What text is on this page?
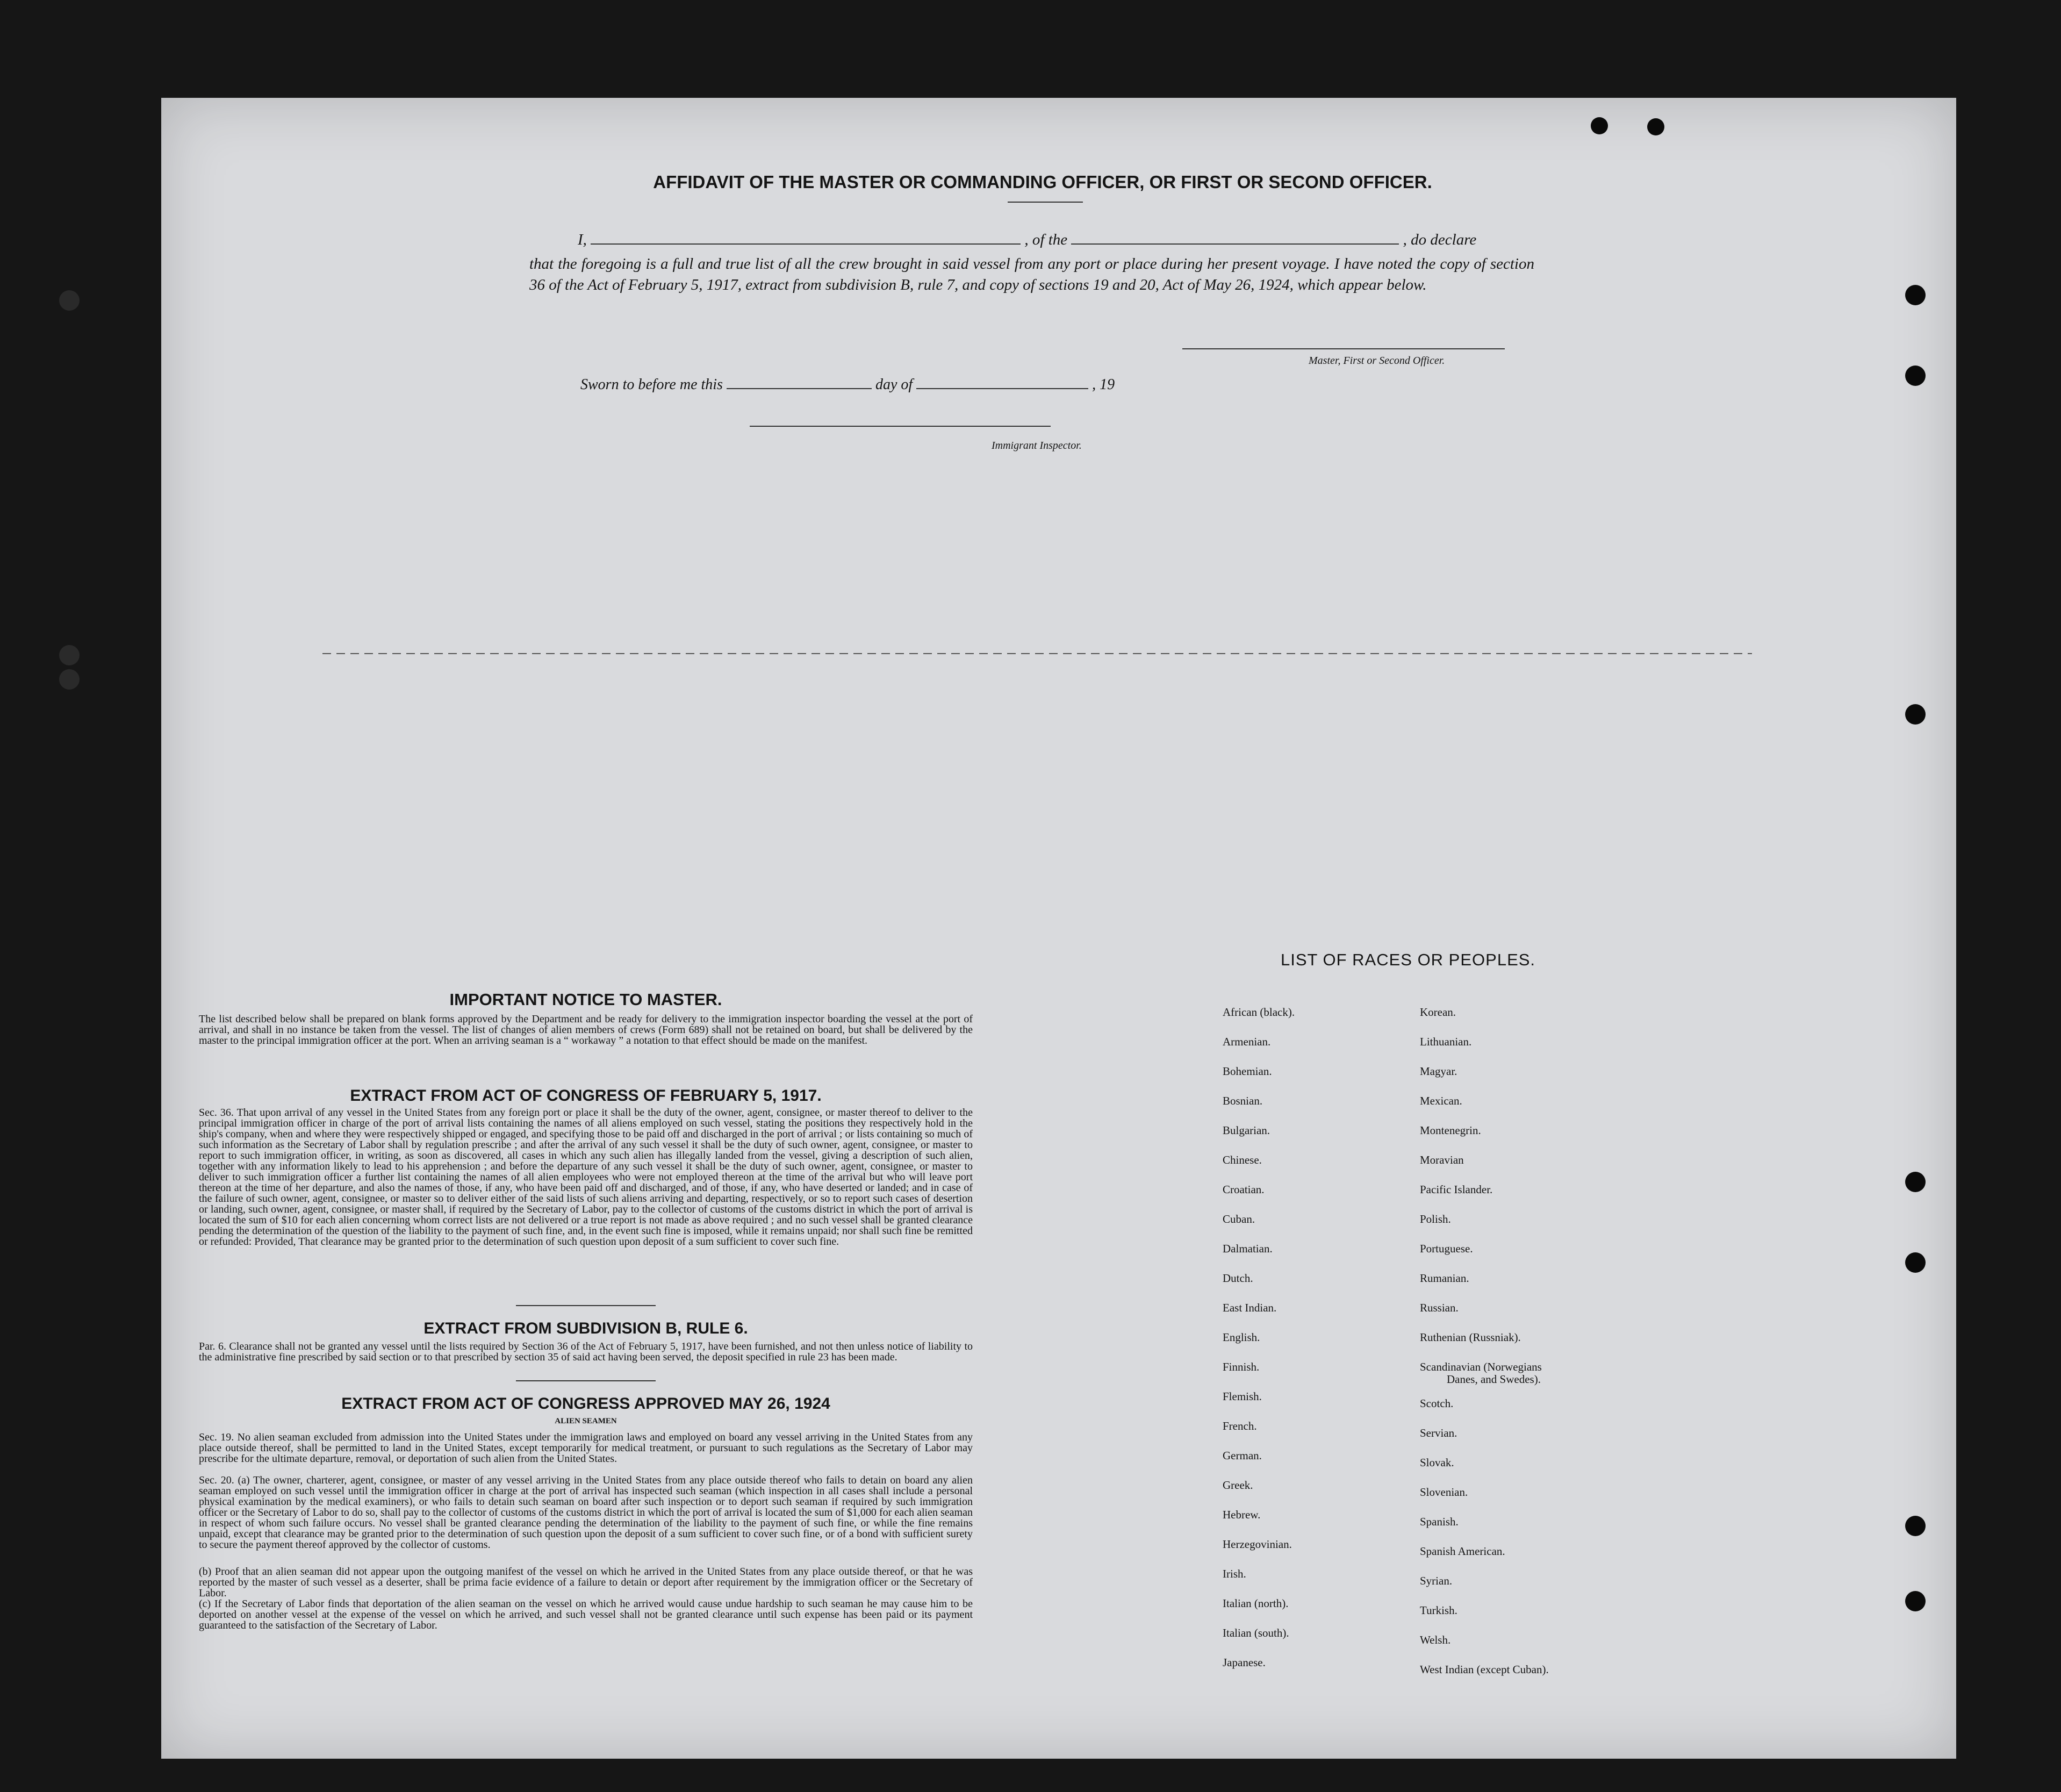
AFFIDAVIT OF THE MASTER OR COMMANDING OFFICER, OR FIRST OR SECOND OFFICER.
I,	, of the	, do declare
that the foregoing is a full and true list of all the crew brought in said vessel from any port or place during her present voyage. I have noted the copy of section 36 of the Act of February 5, 1917, extract from subdivision B, rule 7, and copy of sections 19 and 20, Act of May 26, 1924, which appear below.
Master, First or Second Officer.
Sworn to before me this	day of	, 19
Immigrant Inspector.
IMPORTANT NOTICE TO MASTER.
The list described below shall be prepared on blank forms approved by the Department and be ready for delivery to the immigration inspector boarding the vessel at the port of arrival, and shall in no instance be taken from the vessel. The list of changes of alien members of crews (Form 689) shall not be retained on board, but shall be delivered by the master to the principal immigration officer at the port. When an arriving seaman is a “ workaway ” a notation to that effect should be made on the manifest.
EXTRACT FROM ACT OF CONGRESS OF FEBRUARY 5, 1917.
Sec. 36. That upon arrival of any vessel in the United States from any foreign port or place it shall be the duty of the owner, agent, consignee, or master thereof to deliver to the principal immigration officer in charge of the port of arrival lists containing the names of all aliens employed on such vessel, stating the positions they respectively hold in the ship's company, when and where they were respectively shipped or engaged, and specifying those to be paid off and discharged in the port of arrival ; or lists containing so much of such information as the Secretary of Labor shall by regulation prescribe ; and after the arrival of any such vessel it shall be the duty of such owner, agent, consignee, or master to report to such immigration officer, in writing, as soon as discovered, all cases in which any such alien has illegally landed from the vessel, giving a description of such alien, together with any information likely to lead to his apprehension ; and before the departure of any such vessel it shall be the duty of such owner, agent, consignee, or master to deliver to such immigration officer a further list containing the names of all alien employees who were not employed thereon at the time of the arrival but who will leave port thereon at the time of her departure, and also the names of those, if any, who have been paid off and discharged, and of those, if any, who have deserted or landed; and in case of the failure of such owner, agent, consignee, or master so to deliver either of the said lists of such aliens arriving and departing, respectively, or so to report such cases of desertion or landing, such owner, agent, consignee, or master shall, if required by the Secretary of Labor, pay to the collector of customs of the customs district in which the port of arrival is located the sum of $10 for each alien concerning whom correct lists are not delivered or a true report is not made as above required ; and no such vessel shall be granted clearance pending the determination of the question of the liability to the payment of such fine, and, in the event such fine is imposed, while it remains unpaid; nor shall such fine be remitted or refunded: Provided, That clearance may be granted prior to the determination of such question upon deposit of a sum sufficient to cover such fine.
EXTRACT FROM SUBDIVISION B, RULE 6.
Par. 6. Clearance shall not be granted any vessel until the lists required by Section 36 of the Act of February 5, 1917, have been furnished, and not then unless notice of liability to the administrative fine prescribed by said section or to that prescribed by section 35 of said act having been served, the deposit specified in rule 23 has been made.
EXTRACT FROM ACT OF CONGRESS APPROVED MAY 26, 1924
ALIEN SEAMEN
Sec. 19. No alien seaman excluded from admission into the United States under the immigration laws and employed on board any vessel arriving in the United States from any place outside thereof, shall be permitted to land in the United States, except temporarily for medical treatment, or pursuant to such regulations as the Secretary of Labor may prescribe for the ultimate departure, removal, or deportation of such alien from the United States.
Sec. 20. (a) The owner, charterer, agent, consignee, or master of any vessel arriving in the United States from any place outside thereof who fails to detain on board any alien seaman employed on such vessel until the immigration officer in charge at the port of arrival has inspected such seaman (which inspection in all cases shall include a personal physical examination by the medical examiners), or who fails to detain such seaman on board after such inspection or to deport such seaman if required by such immigration officer or the Secretary of Labor to do so, shall pay to the collector of customs of the customs district in which the port of arrival is located the sum of $1,000 for each alien seaman in respect of whom such failure occurs. No vessel shall be granted clearance pending the determination of the liability to the payment of such fine, or while the fine remains unpaid, except that clearance may be granted prior to the determination of such question upon the deposit of a sum sufficient to cover such fine, or of a bond with sufficient surety to secure the payment thereof approved by the collector of customs.
(b) Proof that an alien seaman did not appear upon the outgoing manifest of the vessel on which he arrived in the United States from any place outside thereof, or that he was reported by the master of such vessel as a deserter, shall be prima facie evidence of a failure to detain or deport after requirement by the immigration officer or the Secretary of Labor.
(c) If the Secretary of Labor finds that deportation of the alien seaman on the vessel on which he arrived would cause undue hardship to such seaman he may cause him to be deported on another vessel at the expense of the vessel on which he arrived, and such vessel shall not be granted clearance until such expense has been paid or its payment guaranteed to the satisfaction of the Secretary of Labor.
LIST OF RACES OR PEOPLES.
African (black).
Armenian.
Bohemian.
Bosnian.
Bulgarian.
Chinese.
Croatian.
Cuban.
Dalmatian.
Dutch.
East Indian.
English.
Finnish.
Flemish.
French.
German.
Greek.
Hebrew.
Herzegovinian.
Irish.
Italian (north).
Italian (south).
Japanese.
Korean.
Lithuanian.
Magyar.
Mexican.
Montenegrin.
Moravian
Pacific Islander.
Polish.
Portuguese.
Rumanian.
Russian.
Ruthenian (Russniak).
Scandinavian (Norwegians
Danes, and Swedes).
Scotch.
Servian.
Slovak.
Slovenian.
Spanish.
Spanish American.
Syrian.
Turkish.
Welsh.
West Indian (except Cuban).
